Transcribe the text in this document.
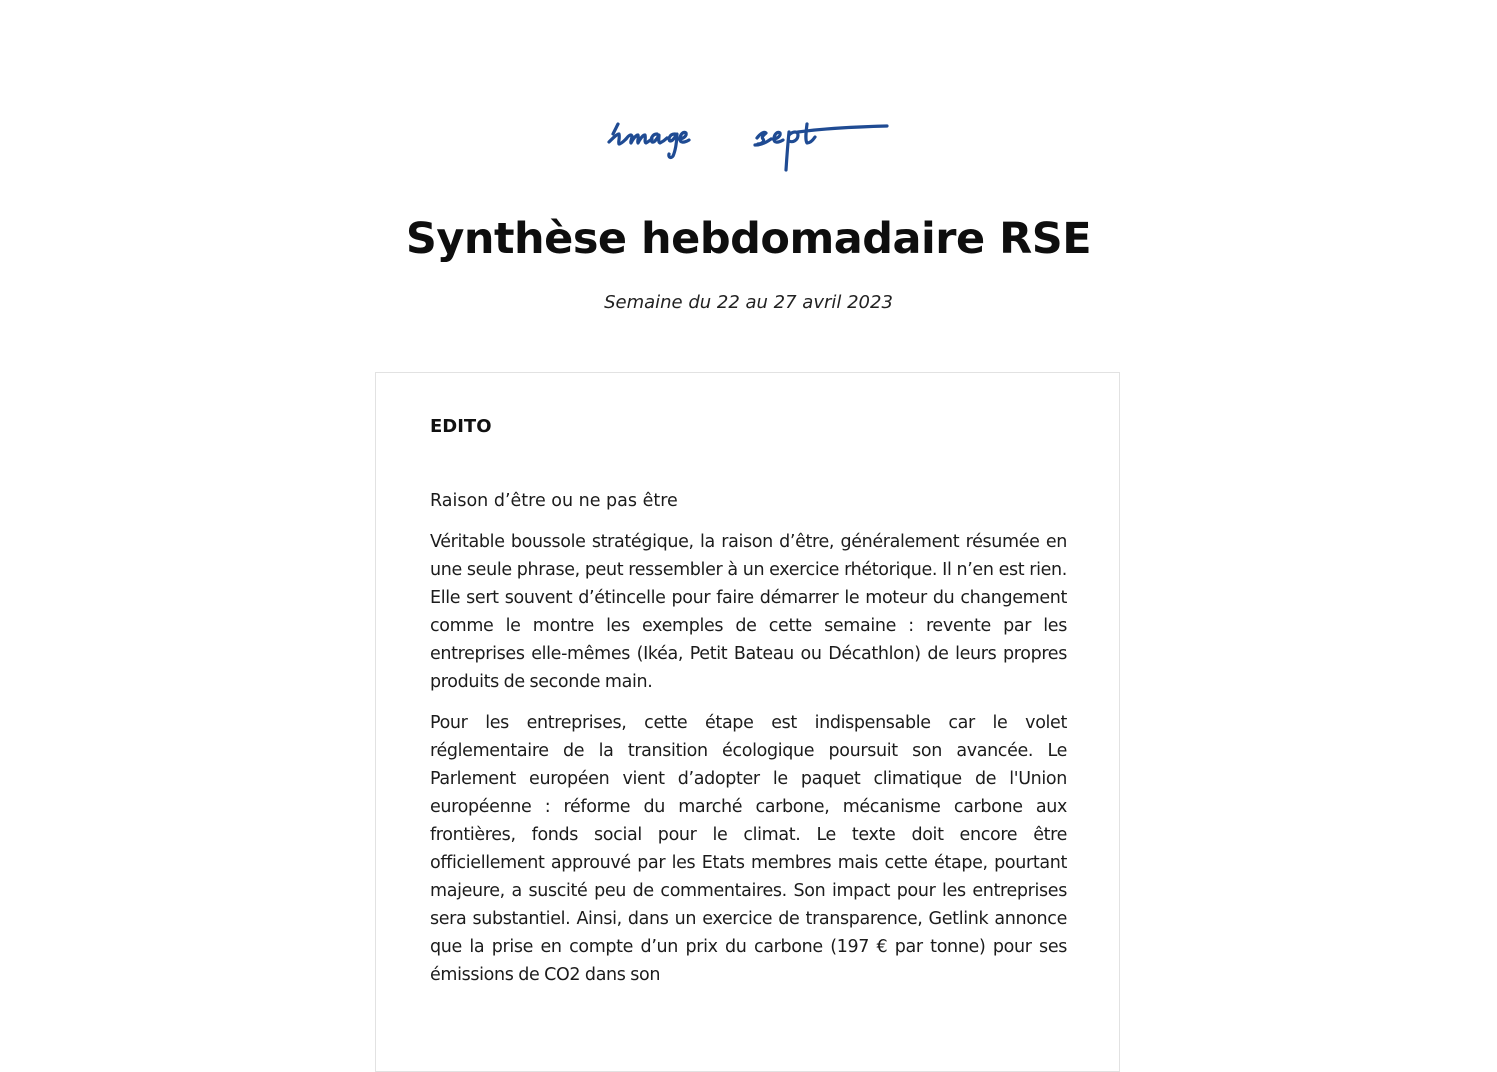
Synthèse hebdomadaire RSE

Semaine du 22 au 27 avril 2023

EDITO

Raison d’être ou ne pas être

Véritable boussole stratégique, la raison d’être, généralement résumée en une seule phrase, peut ressembler à un exercice rhétorique. Il n’en est rien. Elle sert souvent d’étincelle pour faire démarrer le moteur du changement comme le montre les exemples de cette semaine : revente par les entreprises elle-mêmes (Ikéa, Petit Bateau ou Décathlon) de leurs propres produits de seconde main.

Pour les entreprises, cette étape est indispensable car le volet réglementaire de la transition écologique poursuit son avancée. Le Parlement européen vient d’adopter le paquet climatique de l'Union européenne : réforme du marché carbone, mécanisme carbone aux frontières, fonds social pour le climat. Le texte doit encore être officiellement approuvé par les Etats membres mais cette étape, pourtant majeure, a suscité peu de commentaires. Son impact pour les entreprises sera substantiel. Ainsi, dans un exercice de transparence, Getlink annonce que la prise en compte d’un prix du carbone (197 € par tonne) pour ses émissions de CO2 dans son
